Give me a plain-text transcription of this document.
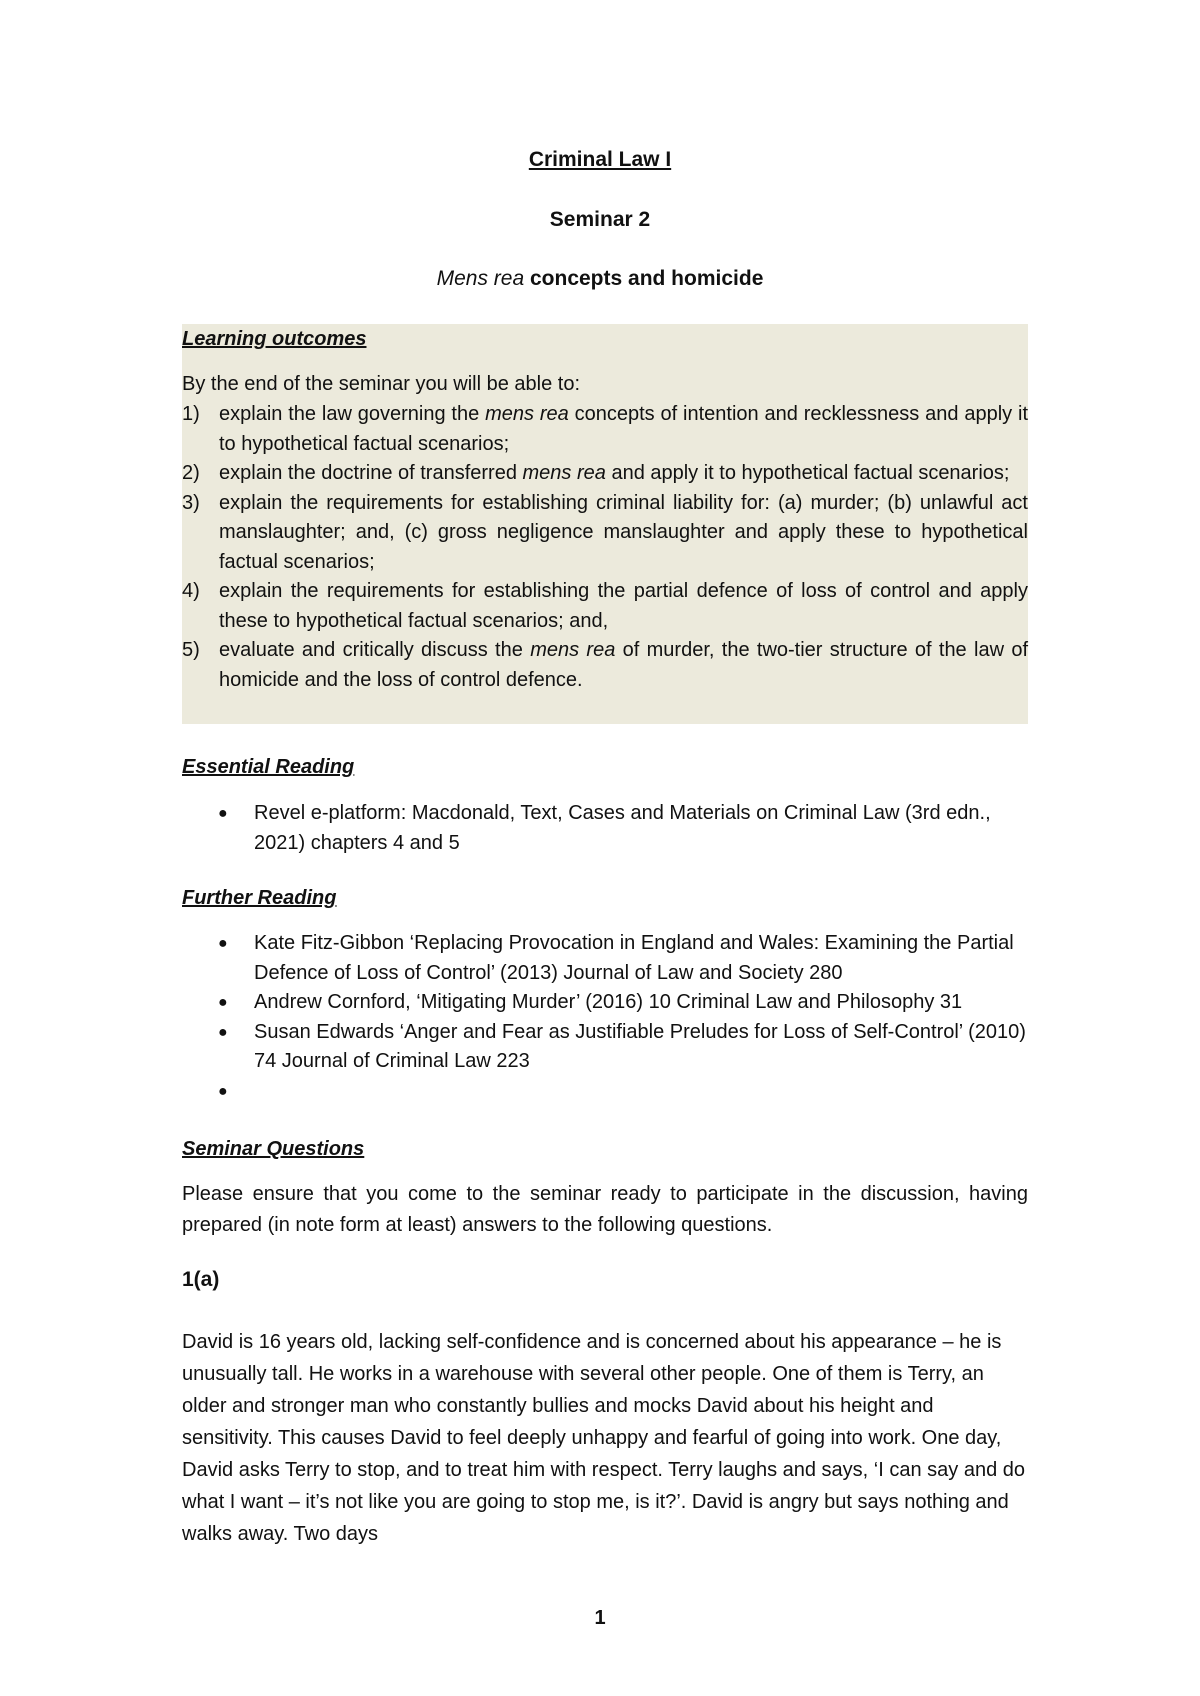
Criminal Law I
Seminar 2
Mens rea concepts and homicide
Learning outcomes
By the end of the seminar you will be able to:
1) explain the law governing the mens rea concepts of intention and recklessness and apply it to hypothetical factual scenarios;
2) explain the doctrine of transferred mens rea and apply it to hypothetical factual scenarios;
3) explain the requirements for establishing criminal liability for: (a) murder; (b) unlawful act manslaughter; and, (c) gross negligence manslaughter and apply these to hypothetical factual scenarios;
4) explain the requirements for establishing the partial defence of loss of control and apply these to hypothetical factual scenarios; and,
5) evaluate and critically discuss the mens rea of murder, the two-tier structure of the law of homicide and the loss of control defence.
Essential Reading
●	Revel e-platform: Macdonald, Text, Cases and Materials on Criminal Law (3rd edn., 2021) chapters 4 and 5
Further Reading
●	Kate Fitz-Gibbon ‘Replacing Provocation in England and Wales: Examining the Partial Defence of Loss of Control’ (2013) Journal of Law and Society 280
●	Andrew Cornford, ‘Mitigating Murder’ (2016) 10 Criminal Law and Philosophy 31
●	Susan Edwards ‘Anger and Fear as Justifiable Preludes for Loss of Self-Control’ (2010) 74 Journal of Criminal Law 223
●
Seminar Questions
Please ensure that you come to the seminar ready to participate in the discussion, having prepared (in note form at least) answers to the following questions.
1(a)
David is 16 years old, lacking self-confidence and is concerned about his appearance – he is unusually tall. He works in a warehouse with several other people. One of them is Terry, an older and stronger man who constantly bullies and mocks David about his height and sensitivity. This causes David to feel deeply unhappy and fearful of going into work. One day, David asks Terry to stop, and to treat him with respect. Terry laughs and says, ‘I can say and do what I want – it’s not like you are going to stop me, is it?’. David is angry but says nothing and walks away. Two days
1
